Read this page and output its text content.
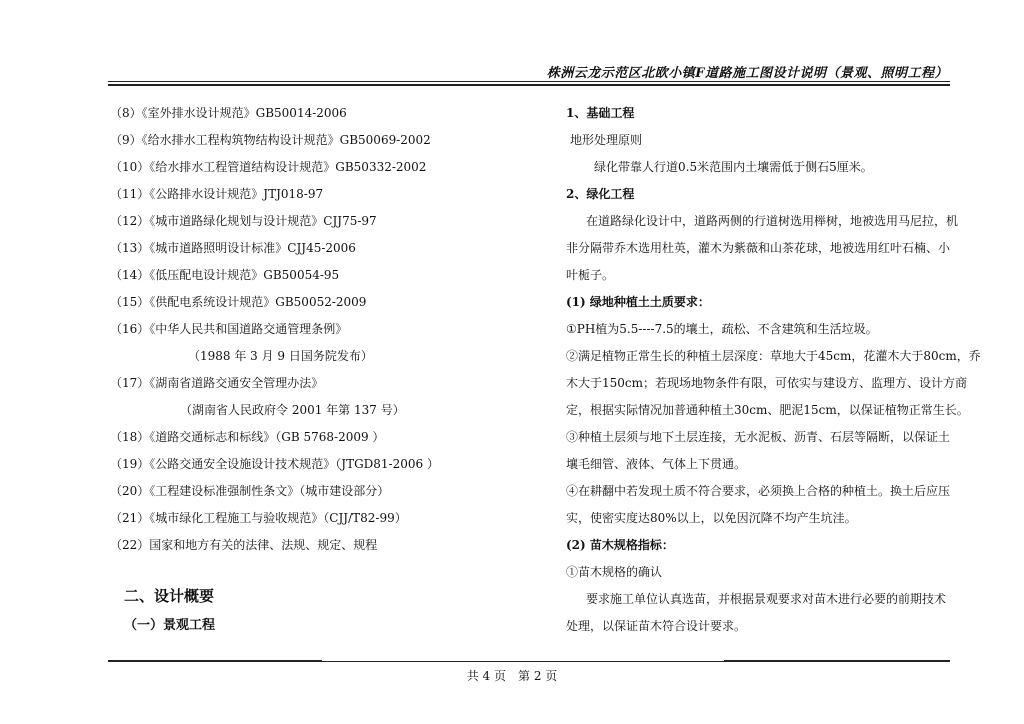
株洲云龙示范区北欧小镇F道路施工图设计说明（景观、照明工程）
（8）《室外排水设计规范》GB50014-2006
（9）《给水排水工程构筑物结构设计规范》GB50069-2002
（10）《给水排水工程管道结构设计规范》GB50332-2002
（11）《公路排水设计规范》JTJ018-97
（12）《城市道路绿化规划与设计规范》CJJ75-97
（13）《城市道路照明设计标准》CJJ45-2006
（14）《低压配电设计规范》GB50054-95
（15）《供配电系统设计规范》GB50052-2009
（16）《中华人民共和国道路交通管理条例》
（1988 年 3 月 9 日国务院发布）
（17）《湖南省道路交通安全管理办法》
（湖南省人民政府令 2001 年第 137 号）
（18）《道路交通标志和标线》（GB 5768-2009 ）
（19）《公路交通安全设施设计技术规范》（JTGD81-2006 ）
（20）《工程建设标准强制性条文》（城市建设部分）
（21）《城市绿化工程施工与验收规范》（CJJ/T82-99）
（22）国家和地方有关的法律、法规、规定、规程
二、设计概要
（一）景观工程
1、基础工程
地形处理原则
绿化带靠人行道0.5米范围内土壤需低于侧石5厘米。
2、绿化工程
在道路绿化设计中，道路两侧的行道树选用榉树，地被选用马尼拉，机
非分隔带乔木选用杜英，灌木为紫薇和山茶花球，地被选用红叶石楠、小
叶栀子。
(1) 绿地种植土土质要求：
①PH植为5.5----7.5的壤土，疏松、不含建筑和生活垃圾。
②满足植物正常生长的种植土层深度：草地大于45cm，花灌木大于80cm，乔
木大于150cm；若现场地物条件有限，可依实与建设方、监理方、设计方商
定，根据实际情况加普通种植土30cm、肥泥15cm，以保证植物正常生长。
③种植土层须与地下土层连接，无水泥板、沥青、石层等隔断，以保证土
壤毛细管、液体、气体上下贯通。
④在耕翻中若发现土质不符合要求，必须换上合格的种植土。换土后应压
实，使密实度达80%以上，以免因沉降不均产生坑洼。
(2) 苗木规格指标：
①苗木规格的确认
要求施工单位认真选苗，并根据景观要求对苗木进行必要的前期技术
处理，以保证苗木符合设计要求。
共 4 页　第 2 页
